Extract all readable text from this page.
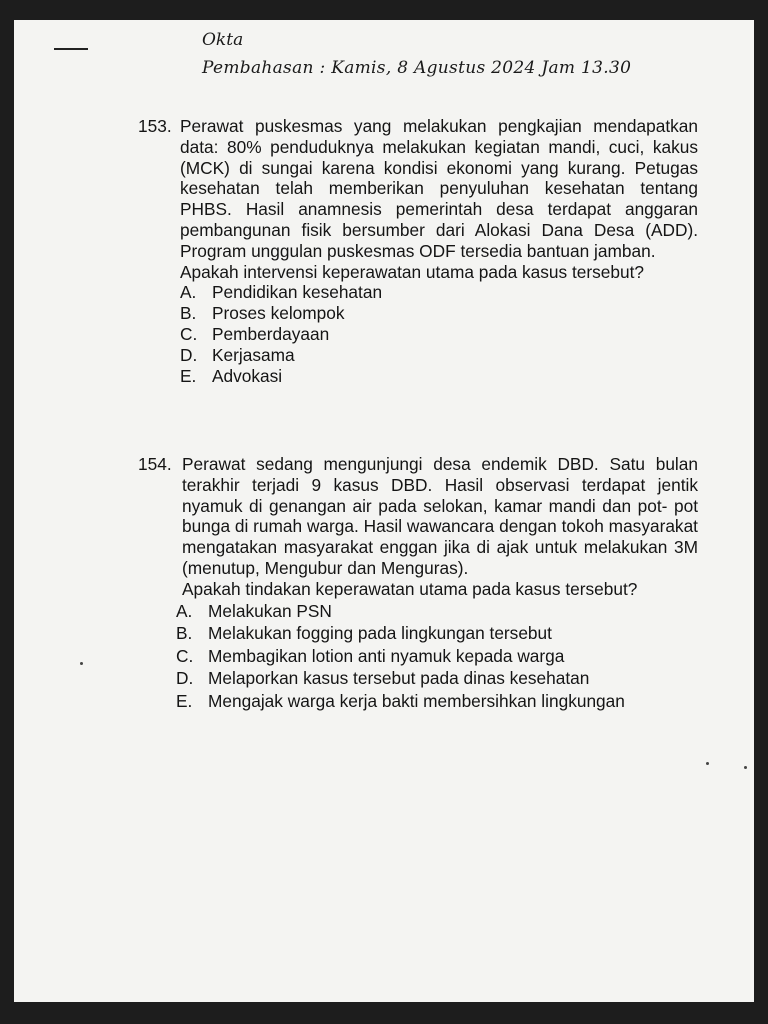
Okta
Pembahasan : Kamis, 8 Agustus 2024 Jam 13.30
153. Perawat puskesmas yang melakukan pengkajian mendapatkan data: 80% penduduknya melakukan kegiatan mandi, cuci, kakus (MCK) di sungai karena kondisi ekonomi yang kurang. Petugas kesehatan telah memberikan penyuluhan kesehatan tentang PHBS. Hasil anamnesis pemerintah desa terdapat anggaran pembangunan fisik bersumber dari Alokasi Dana Desa (ADD). Program unggulan puskesmas ODF tersedia bantuan jamban.
Apakah intervensi keperawatan utama pada kasus tersebut?
A. Pendidikan kesehatan
B. Proses kelompok
C. Pemberdayaan
D. Kerjasama
E. Advokasi
154. Perawat sedang mengunjungi desa endemik DBD. Satu bulan terakhir terjadi 9 kasus DBD. Hasil observasi terdapat jentik nyamuk di genangan air pada selokan, kamar mandi dan pot- pot bunga di rumah warga. Hasil wawancara dengan tokoh masyarakat mengatakan masyarakat enggan jika di ajak untuk melakukan 3M (menutup, Mengubur dan Menguras).
Apakah tindakan keperawatan utama pada kasus tersebut?
A. Melakukan PSN
B. Melakukan fogging pada lingkungan tersebut
C. Membagikan lotion anti nyamuk kepada warga
D. Melaporkan kasus tersebut pada dinas kesehatan
E. Mengajak warga kerja bakti membersihkan lingkungan
